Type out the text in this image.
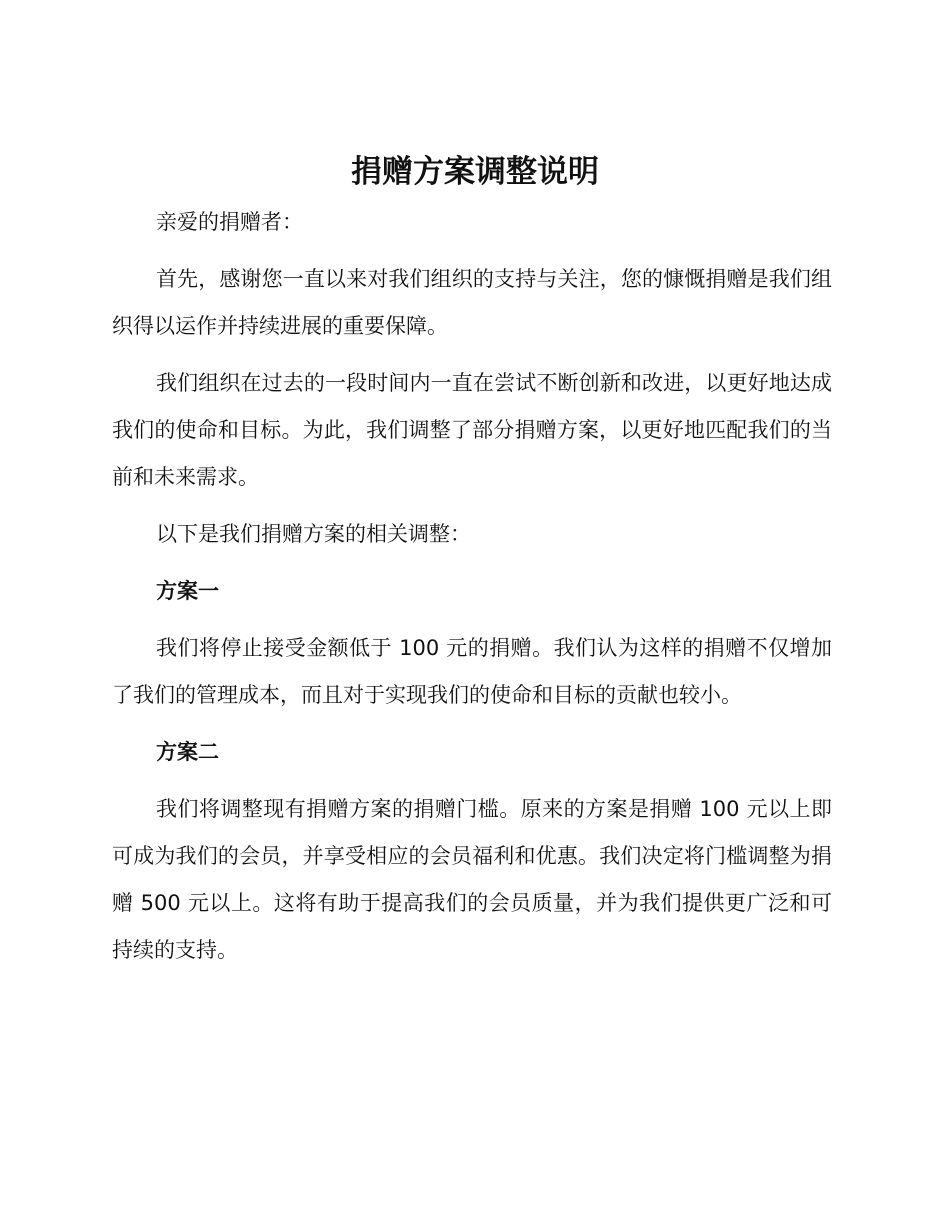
捐赠方案调整说明

亲爱的捐赠者：

首先，感谢您一直以来对我们组织的支持与关注，您的慷慨捐赠是我们组织得以运作并持续进展的重要保障。

我们组织在过去的一段时间内一直在尝试不断创新和改进，以更好地达成我们的使命和目标。为此，我们调整了部分捐赠方案，以更好地匹配我们的当前和未来需求。

以下是我们捐赠方案的相关调整：

方案一

我们将停止接受金额低于 100 元的捐赠。我们认为这样的捐赠不仅增加了我们的管理成本，而且对于实现我们的使命和目标的贡献也较小。

方案二

我们将调整现有捐赠方案的捐赠门槛。原来的方案是捐赠 100 元以上即可成为我们的会员，并享受相应的会员福利和优惠。我们决定将门槛调整为捐赠 500 元以上。这将有助于提高我们的会员质量，并为我们提供更广泛和可持续的支持。
